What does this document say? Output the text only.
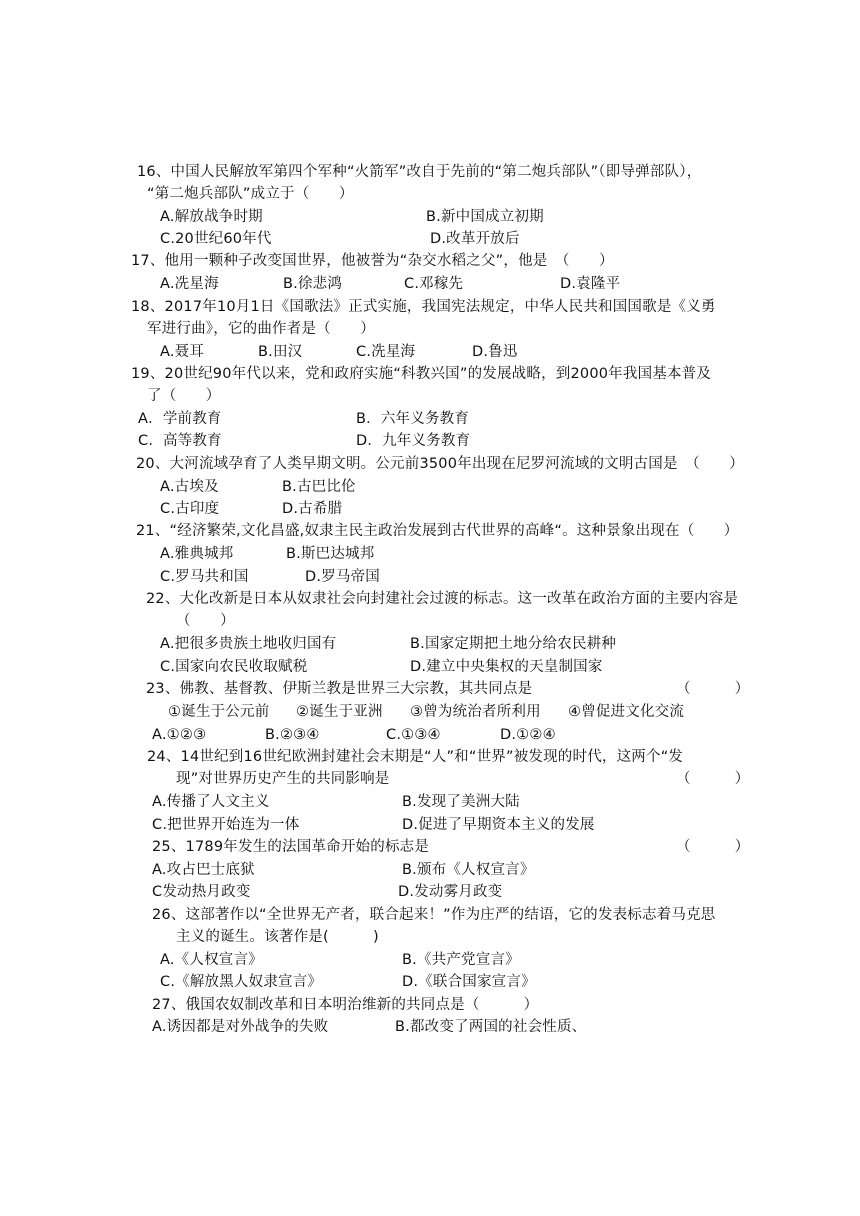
16、中国人民解放军第四个军种“火箭军”改自于先前的“第二炮兵部队”（即导弹部队），
“第二炮兵部队”成立于（　　）
A.解放战争时期	B.新中国成立初期
C.20世纪60年代	D.改革开放后
17、他用一颗种子改变国世界，他被誉为“杂交水稻之父”，他是　（　　）
A.冼星海	B.徐悲鸿	C.邓稼先	D.袁隆平
18、2017年10月1日《国歌法》正式实施，我国宪法规定，中华人民共和国国歌是《义勇
军进行曲》，它的曲作者是（　　）
A.聂耳	B.田汉	C.冼星海	D.鲁迅
19、20世纪90年代以来，党和政府实施“科教兴国”的发展战略，到2000年我国基本普及
了（　　）
A．学前教育	B．六年义务教育
C．高等教育	D．九年义务教育
20、大河流域孕育了人类早期文明。公元前3500年出现在尼罗河流域的文明古国是　（　　）
A.古埃及	B.古巴比伦
C.古印度	D.古希腊
21、“经济繁荣,文化昌盛,奴隶主民主政治发展到古代世界的高峰“。这种景象出现在（　　）
A.雅典城邦	B.斯巴达城邦
C.罗马共和国	D.罗马帝国
22、大化改新是日本从奴隶社会向封建社会过渡的标志。这一改革在政治方面的主要内容是
（　　）
A.把很多贵族土地收归国有	B.国家定期把土地分给农民耕种
C.国家向农民收取赋税	D.建立中央集权的天皇制国家
23、佛教、基督教、伊斯兰教是世界三大宗教，其共同点是	（　　　）
①诞生于公元前 ②诞生于亚洲 ③曾为统治者所利用 ④曾促进文化交流
A.①②③	B.②③④	C.①③④	D.①②④
24、14世纪到16世纪欧洲封建社会末期是“人”和“世界”被发现的时代，这两个“发
现”对世界历史产生的共同影响是	（　　　）
A.传播了人文主义	B.发现了美洲大陆
C.把世界开始连为一体	D.促进了早期资本主义的发展
25、1789年发生的法国革命开始的标志是	（　　　）
A.攻占巴士底狱	B.颁布《人权宣言》
C发动热月政变	D.发动雾月政变
26、这部著作以“全世界无产者，联合起来！”作为庄严的结语，它的发表标志着马克思
主义的诞生。该著作是(　　　)
A.《人权宣言》	B.《共产党宣言》
C.《解放黑人奴隶宣言》	D.《联合国家宣言》
27、俄国农奴制改革和日本明治维新的共同点是（　　　）
A.诱因都是对外战争的失败	B.都改变了两国的社会性质、
